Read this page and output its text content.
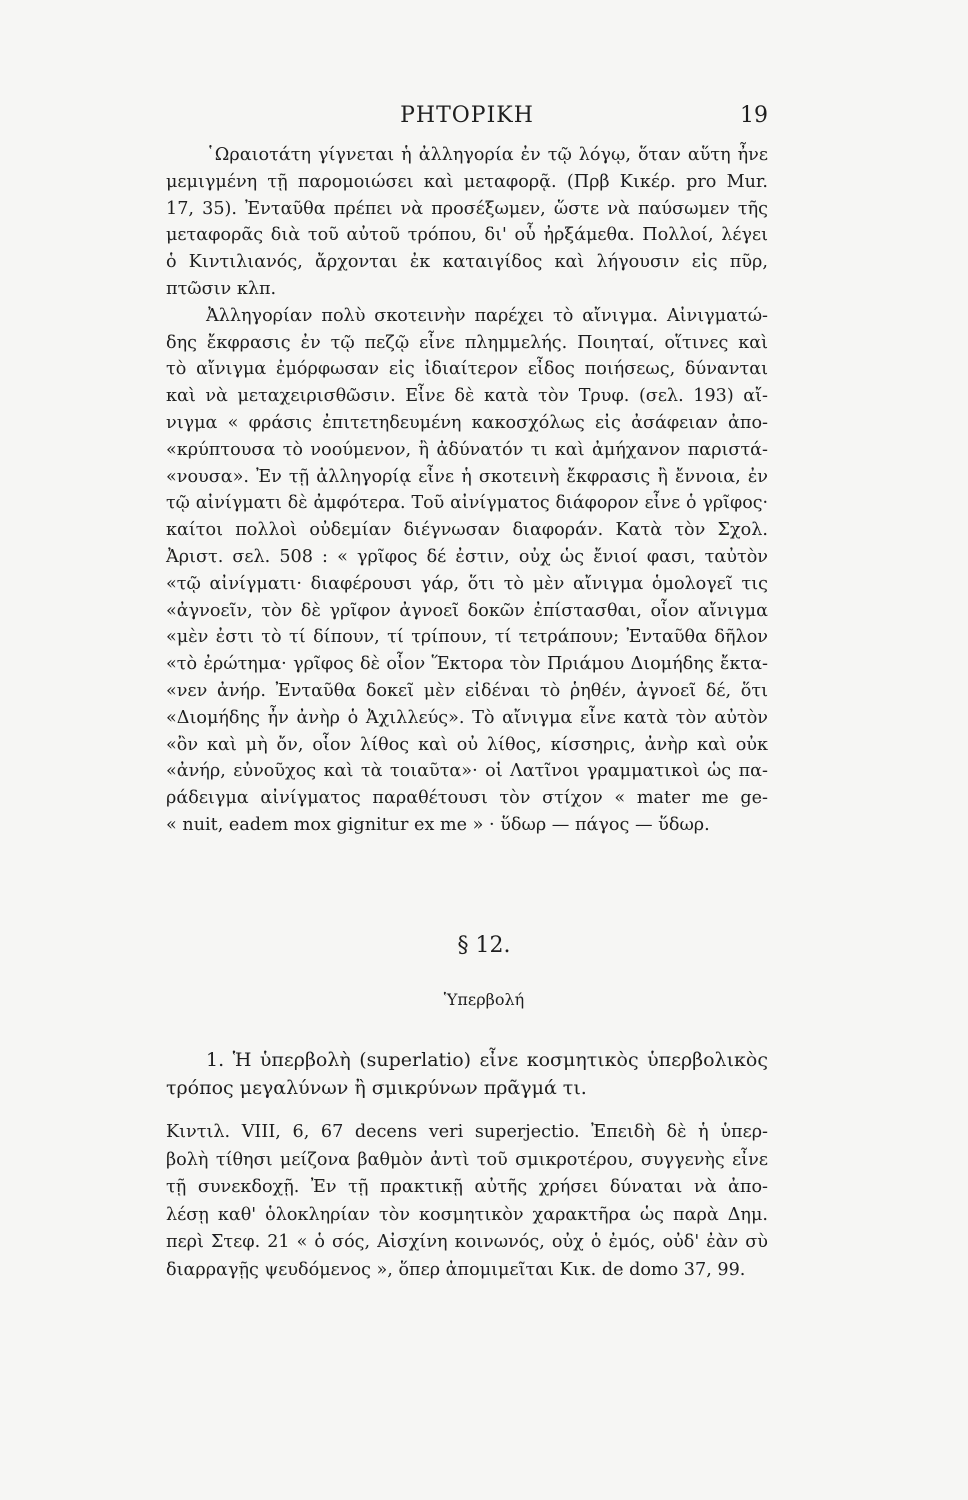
ΡΗΤΟΡΙΚΗ	19
῾Ωραιοτάτη γίγνεται ἡ ἀλληγορία ἐν τῷ λόγῳ, ὅταν αὕτη ἦνε
μεμιγμένη τῇ παρομοιώσει καὶ μεταφορᾷ. (Πρβ Κικέρ. pro Mur.
17, 35). Ἐνταῦθα πρέπει νὰ προσέξωμεν, ὥστε νὰ παύσωμεν τῆς
μεταφορᾶς διὰ τοῦ αὐτοῦ τρόπου, δι' οὗ ἠρξάμεθα. Πολλοί, λέγει
ὁ Κιντιλιανός, ἄρχονται ἐκ καταιγίδος καὶ λήγουσιν εἰς πῦρ,
πτῶσιν κλπ.
Ἀλληγορίαν πολὺ σκοτεινὴν παρέχει τὸ αἴνιγμα. Αἰνιγματώ-
δης ἔκφρασις ἐν τῷ πεζῷ εἶνε πλημμελής. Ποιηταί, οἵτινες καὶ
τὸ αἴνιγμα ἐμόρφωσαν εἰς ἰδιαίτερον εἶδος ποιήσεως, δύνανται
καὶ νὰ μεταχειρισθῶσιν. Εἶνε δὲ κατὰ τὸν Τρυφ. (σελ. 193) αἴ-
νιγμα « φράσις ἐπιτετηδευμένη κακοσχόλως εἰς ἀσάφειαν ἀπο-
«κρύπτουσα τὸ νοούμενον, ἢ ἀδύνατόν τι καὶ ἀμήχανον παριστά-
«νουσα». Ἐν τῇ ἀλληγορίᾳ εἶνε ἡ σκοτεινὴ ἔκφρασις ἢ ἔννοια, ἐν
τῷ αἰνίγματι δὲ ἀμφότερα. Τοῦ αἰνίγματος διάφορον εἶνε ὁ γρῖφος·
καίτοι πολλοὶ οὐδεμίαν διέγνωσαν διαφοράν. Κατὰ τὸν Σχολ.
Ἀριστ. σελ. 508 : « γρῖφος δέ ἐστιν, οὐχ ὡς ἔνιοί φασι, ταὐτὸν
«τῷ αἰνίγματι· διαφέρουσι γάρ, ὅτι τὸ μὲν αἴνιγμα ὁμολογεῖ τις
«ἀγνοεῖν, τὸν δὲ γρῖφον ἀγνοεῖ δοκῶν ἐπίστασθαι, οἷον αἴνιγμα
«μὲν ἐστι τὸ τί δίπουν, τί τρίπουν, τί τετράπουν; Ἐνταῦθα δῆλον
«τὸ ἐρώτημα· γρῖφος δὲ οἷον Ἕκτορα τὸν Πριάμου Διομήδης ἔκτα-
«νεν ἀνήρ. Ἐνταῦθα δοκεῖ μὲν εἰδέναι τὸ ῥηθέν, ἀγνοεῖ δέ, ὅτι
«Διομήδης ἦν ἀνὴρ ὁ Ἀχιλλεύς». Τὸ αἴνιγμα εἶνε κατὰ τὸν αὐτὸν
«ὂν καὶ μὴ ὄν, οἷον λίθος καὶ οὐ λίθος, κίσσηρις, ἀνὴρ καὶ οὐκ
«ἀνήρ, εὐνοῦχος καὶ τὰ τοιαῦτα»· οἱ Λατῖνοι γραμματικοὶ ὡς πα-
ράδειγμα αἰνίγματος παραθέτουσι τὸν στίχον « mater me ge-
« nuit, eadem mox gignitur ex me » · ὕδωρ — πάγος — ὕδωρ.
§ 12.
Ὑπερβολή
1. Ἡ ὑπερβολὴ (superlatio) εἶνε κοσμητικὸς ὑπερβολικὸς
τρόπος μεγαλύνων ἢ σμικρύνων πρᾶγμά τι.
Κιντιλ. VIII, 6, 67 decens veri superjectio. Ἐπειδὴ δὲ ἡ ὑπερ-
βολὴ τίθησι μείζονα βαθμὸν ἀντὶ τοῦ σμικροτέρου, συγγενὴς εἶνε
τῇ συνεκδοχῇ. Ἐν τῇ πρακτικῇ αὐτῆς χρήσει δύναται νὰ ἀπο-
λέσῃ καθ' ὁλοκληρίαν τὸν κοσμητικὸν χαρακτῆρα ὡς παρὰ Δημ.
περὶ Στεφ. 21 « ὁ σός, Αἰσχίνη κοινωνός, οὐχ ὁ ἐμός, οὐδ' ἐὰν σὺ
διαρραγῇς ψευδόμενος », ὅπερ ἀπομιμεῖται Κικ. de domo 37, 99.
